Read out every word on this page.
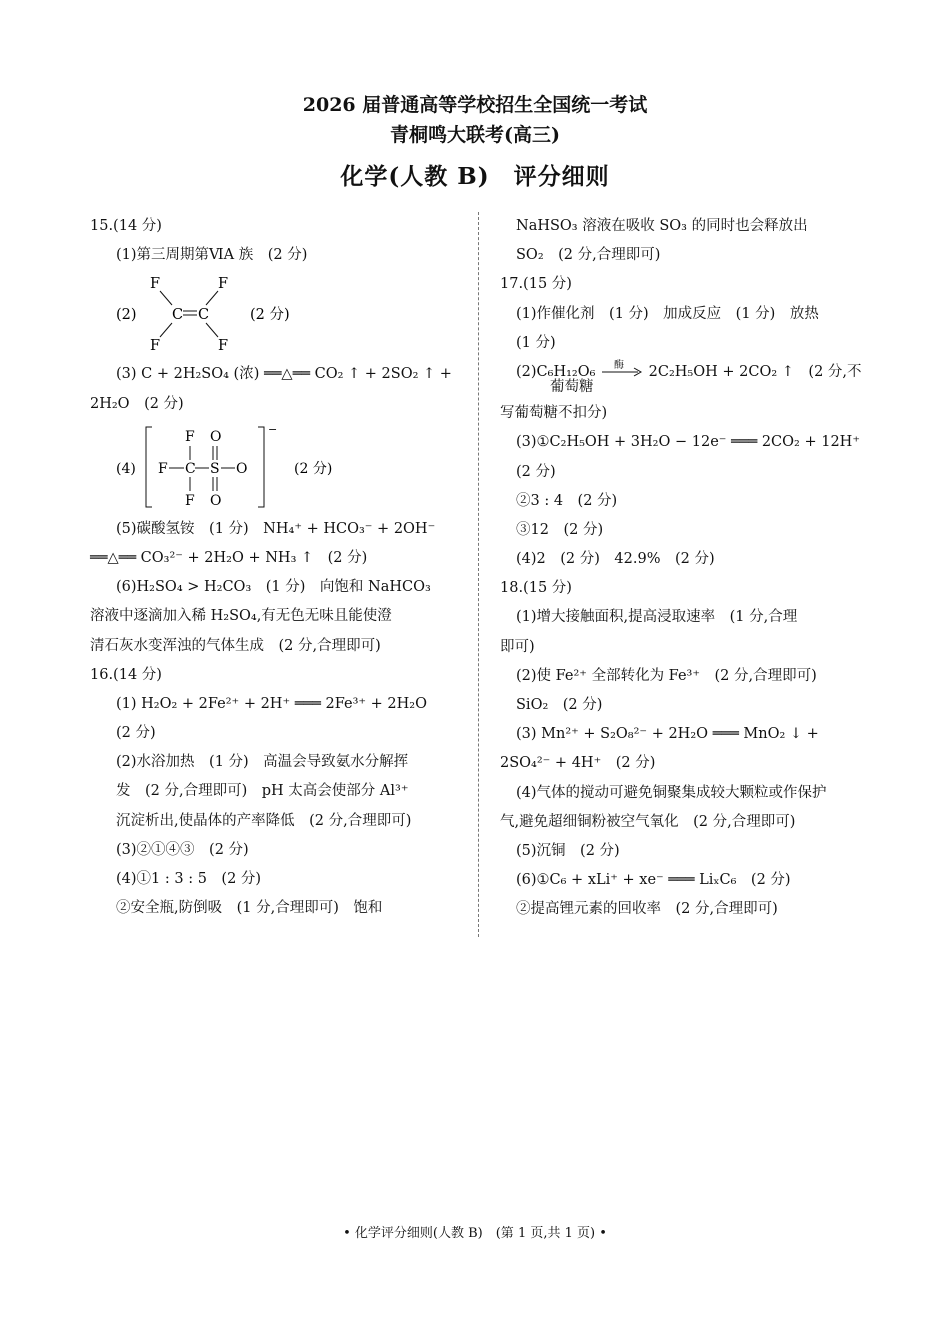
2026 届普通高等学校招生全国统一考试
青桐鸣大联考(高三)
化学(人教 B)　评分细则
15.(14 分)
(1)第三周期第ⅥA 族　(2 分)
(2)
F	F
C C
F	F
(2 分)
(3) C + 2H₂SO₄ (浓) ══△══ CO₂ ↑ + 2SO₂ ↑ +
2H₂O　(2 分)
(4)
−
F
F C
F
S
O
O
O	(2 分)
(5)碳酸氢铵　(1 分)　NH₄⁺ + HCO₃⁻ + 2OH⁻
══△══ CO₃²⁻ + 2H₂O + NH₃ ↑　(2 分)
(6)H₂SO₄ > H₂CO₃　(1 分)　向饱和 NaHCO₃
溶液中逐滴加入稀 H₂SO₄,有无色无味且能使澄
清石灰水变浑浊的气体生成　(2 分,合理即可)
16.(14 分)
(1) H₂O₂ + 2Fe²⁺ + 2H⁺ ═══ 2Fe³⁺ + 2H₂O
(2 分)
(2)水浴加热　(1 分)　高温会导致氨水分解挥
发　(2 分,合理即可)　pH 太高会使部分 Al³⁺
沉淀析出,使晶体的产率降低　(2 分,合理即可)
(3)②①④③　(2 分)
(4)①1 : 3 : 5　(2 分)
②安全瓶,防倒吸　(1 分,合理即可)　饱和
NaHSO₃ 溶液在吸收 SO₃ 的同时也会释放出
SO₂　(2 分,合理即可)
17.(15 分)
(1)作催化剂　(1 分)　加成反应　(1 分)　放热
(1 分)
(2)C₆H₁₂O₆ 酶 2C₂H₅OH + 2CO₂ ↑　(2 分,不
葡萄糖
写葡萄糖不扣分)
(3)①C₂H₅OH + 3H₂O − 12e⁻ ═══ 2CO₂ + 12H⁺
(2 分)
②3 : 4　(2 分)
③12　(2 分)
(4)2　(2 分)　42.9%　(2 分)
18.(15 分)
(1)增大接触面积,提高浸取速率　(1 分,合理
即可)
(2)使 Fe²⁺ 全部转化为 Fe³⁺　(2 分,合理即可)
SiO₂　(2 分)
(3) Mn²⁺ + S₂O₈²⁻ + 2H₂O ═══ MnO₂ ↓ +
2SO₄²⁻ + 4H⁺　(2 分)
(4)气体的搅动可避免铜聚集成较大颗粒或作保护
气,避免超细铜粉被空气氧化　(2 分,合理即可)
(5)沉铜　(2 分)
(6)①C₆ + xLi⁺ + xe⁻ ═══ LiₓC₆　(2 分)
②提高锂元素的回收率　(2 分,合理即可)
• 化学评分细则(人教 B)　(第 1 页,共 1 页) •
